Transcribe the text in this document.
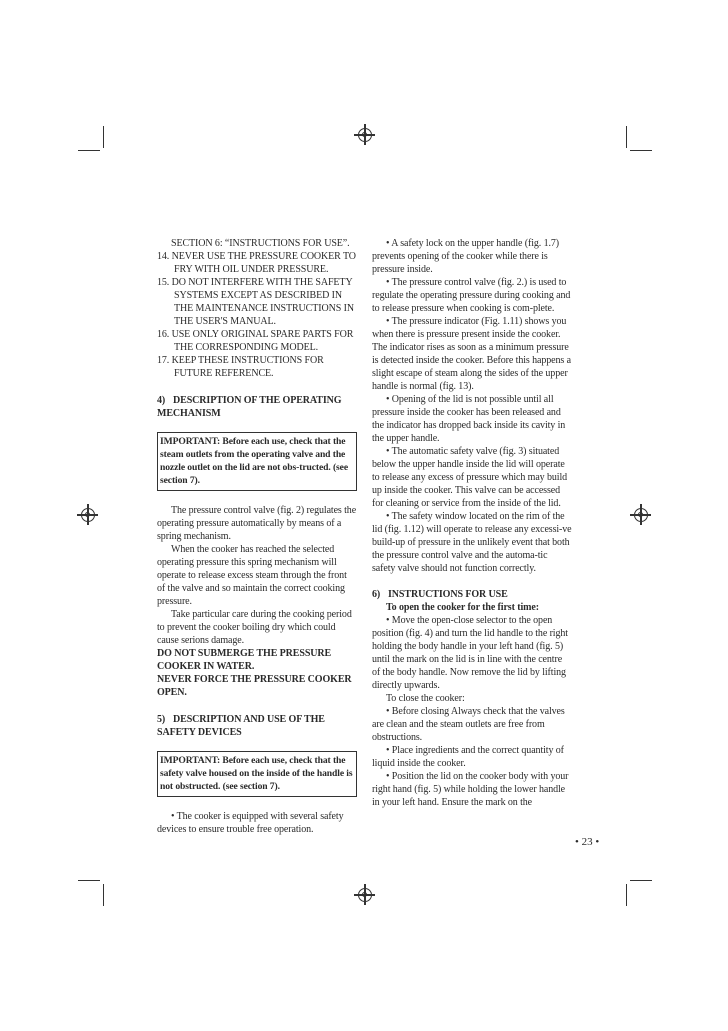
SECTION 6: “INSTRUCTIONS FOR USE”.

14. NEVER USE THE PRESSURE COOKER TO FRY WITH OIL UNDER PRESSURE.

15. DO NOT INTERFERE WITH THE SAFETY SYSTEMS EXCEPT AS DESCRIBED IN THE MAINTENANCE INSTRUCTIONS IN THE USER'S MANUAL.

16. USE ONLY ORIGINAL SPARE PARTS FOR THE CORRESPONDING MODEL.

17. KEEP THESE INSTRUCTIONS FOR FUTURE REFERENCE.

4) DESCRIPTION OF THE OPERATING MECHANISM
IMPORTANT: Before each use, check that the steam outlets from the operating valve and the nozzle outlet on the lid are not obs-tructed. (see section 7).

The pressure control valve (fig. 2) regulates the operating pressure automatically by means of a spring mechanism.

When the cooker has reached the selected operating pressure this spring mechanism will operate to release excess steam through the front of the valve and so maintain the correct cooking pressure.

Take particular care during the cooking period to prevent the cooker boiling dry which could cause serions damage.

DO NOT SUBMERGE THE PRESSURE COOKER IN WATER.

NEVER FORCE THE PRESSURE COOKER OPEN.

5) DESCRIPTION AND USE OF THE SAFETY DEVICES
IMPORTANT: Before each use, check that the safety valve housed on the inside of the handle is not obstructed. (see section 7).

• The cooker is equipped with several safety devices to ensure trouble free operation.

• A safety lock on the upper handle (fig. 1.7) prevents opening of the cooker while there is pressure inside.

• The pressure control valve (fig. 2.) is used to regulate the operating pressure during cooking and to release pressure when cooking is com-plete.

• The pressure indicator (Fig. 1.11) shows you when there is pressure present inside the cooker. The indicator rises as soon as a minimum pressure is detected inside the cooker. Before this happens a slight escape of steam along the sides of the upper handle is normal (fig. 13).

• Opening of the lid is not possible until all pressure inside the cooker has been released and the indicator has dropped back inside its cavity in the upper handle.

• The automatic safety valve (fig. 3) situated below the upper handle inside the lid will operate to release any excess of pressure which may build up inside the cooker. This valve can be accessed for cleaning or service from the inside of the lid.

• The safety window located on the rim of the lid (fig. 1.12) will operate to release any excessi-ve build-up of pressure in the unlikely event that both the pressure control valve and the automa-tic safety valve should not function correctly.

6) INSTRUCTIONS FOR USE

To open the cooker for the first time:

• Move the open-close selector to the open position (fig. 4) and turn the lid handle to the right holding the body handle in your left hand (fig. 5) until the mark on the lid is in line with the centre of the body handle. Now remove the lid by lifting directly upwards.

To close the cooker:

• Before closing Always check that the valves are clean and the steam outlets are free from obstructions.

• Place ingredients and the correct quantity of liquid inside the cooker.

• Position the lid on the cooker body with your right hand (fig. 5) while holding the lower handle in your left hand. Ensure the mark on the

• 23 •
